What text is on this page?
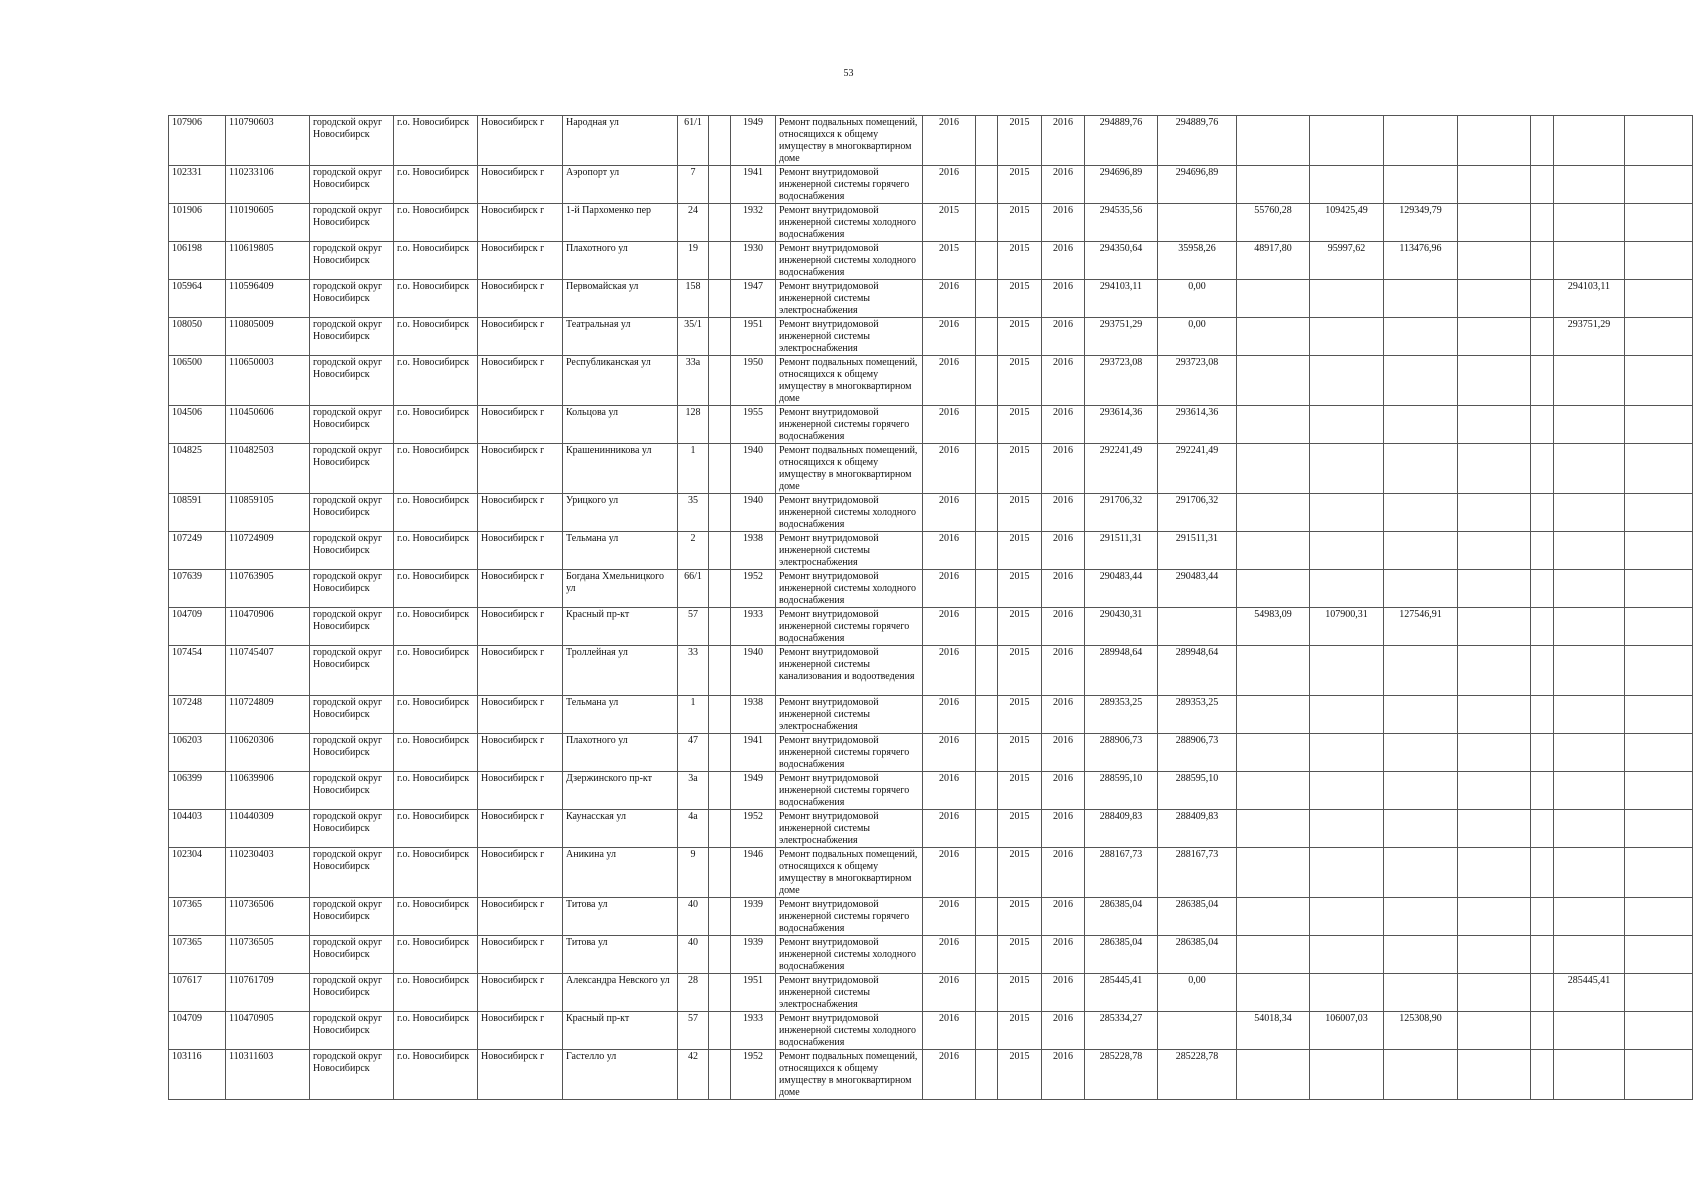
53
107906	110790603	городской округ Новосибирск	г.о. Новосибирск	Новосибирск г	Народная ул	61/1		1949	Ремонт подвальных помещений, относящихся к общему имуществу в многоквартирном доме	2016		2015	2016	294889,76	294889,76							
102331	110233106	городской округ Новосибирск	г.о. Новосибирск	Новосибирск г	Аэропорт ул	7		1941	Ремонт внутридомовой инженерной системы горячего водоснабжения	2016		2015	2016	294696,89	294696,89							
101906	110190605	городской округ Новосибирск	г.о. Новосибирск	Новосибирск г	1-й Пархоменко пер	24		1932	Ремонт внутридомовой инженерной системы холодного водоснабжения	2015		2015	2016	294535,56		55760,28	109425,49	129349,79				
106198	110619805	городской округ Новосибирск	г.о. Новосибирск	Новосибирск г	Плахотного ул	19		1930	Ремонт внутридомовой инженерной системы холодного водоснабжения	2015		2015	2016	294350,64	35958,26	48917,80	95997,62	113476,96				
105964	110596409	городской округ Новосибирск	г.о. Новосибирск	Новосибирск г	Первомайская ул	158		1947	Ремонт внутридомовой инженерной системы электроснабжения	2016		2015	2016	294103,11	0,00						294103,11	
108050	110805009	городской округ Новосибирск	г.о. Новосибирск	Новосибирск г	Театральная ул	35/1		1951	Ремонт внутридомовой инженерной системы электроснабжения	2016		2015	2016	293751,29	0,00						293751,29	
106500	110650003	городской округ Новосибирск	г.о. Новосибирск	Новосибирск г	Республиканская ул	33а		1950	Ремонт подвальных помещений, относящихся к общему имуществу в многоквартирном доме	2016		2015	2016	293723,08	293723,08							
104506	110450606	городской округ Новосибирск	г.о. Новосибирск	Новосибирск г	Кольцова ул	128		1955	Ремонт внутридомовой инженерной системы горячего водоснабжения	2016		2015	2016	293614,36	293614,36							
104825	110482503	городской округ Новосибирск	г.о. Новосибирск	Новосибирск г	Крашенинникова ул	1		1940	Ремонт подвальных помещений, относящихся к общему имуществу в многоквартирном доме	2016		2015	2016	292241,49	292241,49							
108591	110859105	городской округ Новосибирск	г.о. Новосибирск	Новосибирск г	Урицкого ул	35		1940	Ремонт внутридомовой инженерной системы холодного водоснабжения	2016		2015	2016	291706,32	291706,32							
107249	110724909	городской округ Новосибирск	г.о. Новосибирск	Новосибирск г	Тельмана ул	2		1938	Ремонт внутридомовой инженерной системы электроснабжения	2016		2015	2016	291511,31	291511,31							
107639	110763905	городской округ Новосибирск	г.о. Новосибирск	Новосибирск г	Богдана Хмельницкого ул	66/1		1952	Ремонт внутридомовой инженерной системы холодного водоснабжения	2016		2015	2016	290483,44	290483,44							
104709	110470906	городской округ Новосибирск	г.о. Новосибирск	Новосибирск г	Красный пр-кт	57		1933	Ремонт внутридомовой инженерной системы горячего водоснабжения	2016		2015	2016	290430,31		54983,09	107900,31	127546,91				
107454	110745407	городской округ Новосибирск	г.о. Новосибирск	Новосибирск г	Троллейная ул	33		1940	Ремонт внутридомовой инженерной системы канализования и водоотведения	2016		2015	2016	289948,64	289948,64							
107248	110724809	городской округ Новосибирск	г.о. Новосибирск	Новосибирск г	Тельмана ул	1		1938	Ремонт внутридомовой инженерной системы электроснабжения	2016		2015	2016	289353,25	289353,25							
106203	110620306	городской округ Новосибирск	г.о. Новосибирск	Новосибирск г	Плахотного ул	47		1941	Ремонт внутридомовой инженерной системы горячего водоснабжения	2016		2015	2016	288906,73	288906,73							
106399	110639906	городской округ Новосибирск	г.о. Новосибирск	Новосибирск г	Дзержинского пр-кт	3а		1949	Ремонт внутридомовой инженерной системы горячего водоснабжения	2016		2015	2016	288595,10	288595,10							
104403	110440309	городской округ Новосибирск	г.о. Новосибирск	Новосибирск г	Каунасская ул	4а		1952	Ремонт внутридомовой инженерной системы электроснабжения	2016		2015	2016	288409,83	288409,83							
102304	110230403	городской округ Новосибирск	г.о. Новосибирск	Новосибирск г	Аникина ул	9		1946	Ремонт подвальных помещений, относящихся к общему имуществу в многоквартирном доме	2016		2015	2016	288167,73	288167,73							
107365	110736506	городской округ Новосибирск	г.о. Новосибирск	Новосибирск г	Титова ул	40		1939	Ремонт внутридомовой инженерной системы горячего водоснабжения	2016		2015	2016	286385,04	286385,04							
107365	110736505	городской округ Новосибирск	г.о. Новосибирск	Новосибирск г	Титова ул	40		1939	Ремонт внутридомовой инженерной системы холодного водоснабжения	2016		2015	2016	286385,04	286385,04							
107617	110761709	городской округ Новосибирск	г.о. Новосибирск	Новосибирск г	Александра Невского ул	28		1951	Ремонт внутридомовой инженерной системы электроснабжения	2016		2015	2016	285445,41	0,00						285445,41	
104709	110470905	городской округ Новосибирск	г.о. Новосибирск	Новосибирск г	Красный пр-кт	57		1933	Ремонт внутридомовой инженерной системы холодного водоснабжения	2016		2015	2016	285334,27		54018,34	106007,03	125308,90				
103116	110311603	городской округ Новосибирск	г.о. Новосибирск	Новосибирск г	Гастелло ул	42		1952	Ремонт подвальных помещений, относящихся к общему имуществу в многоквартирном доме	2016		2015	2016	285228,78	285228,78							
